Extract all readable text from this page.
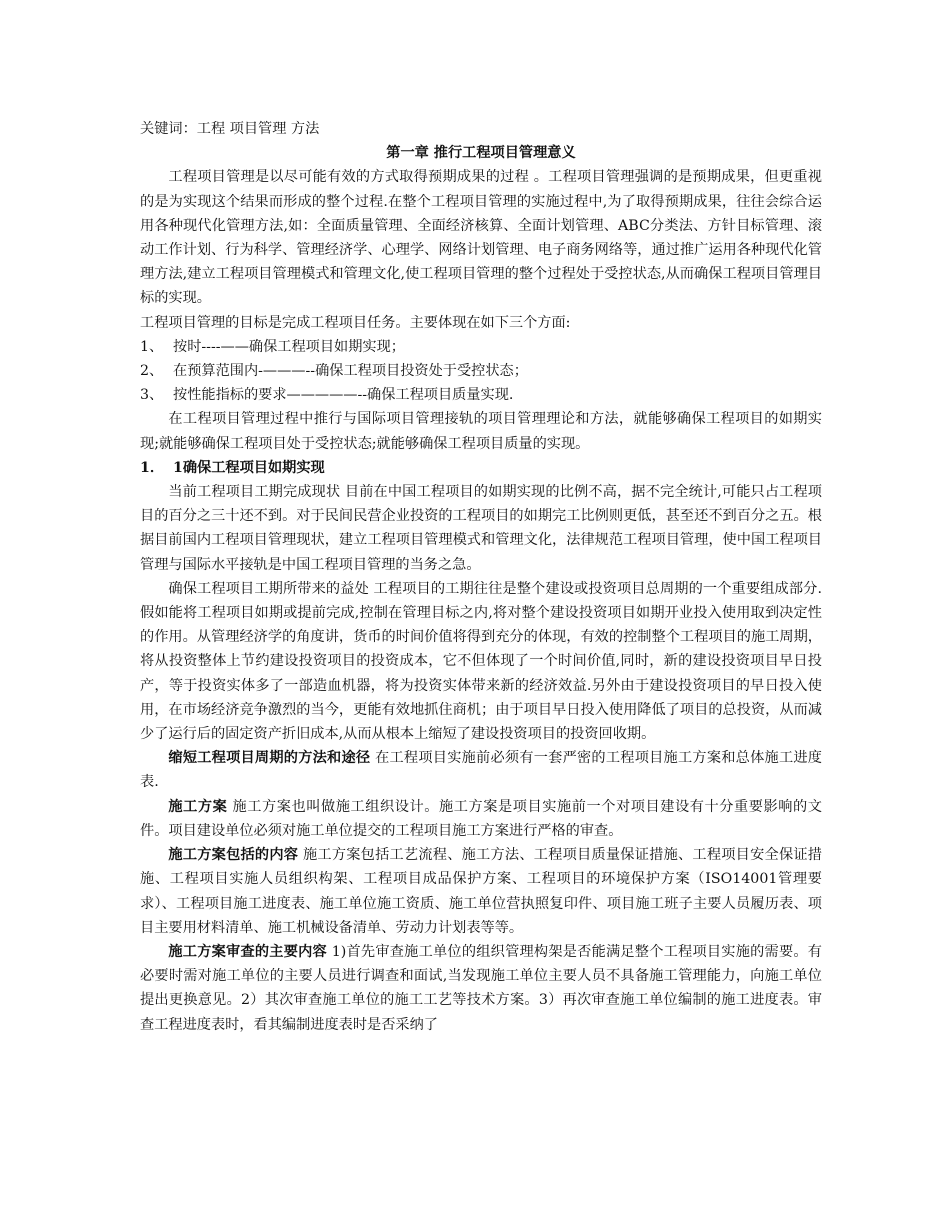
关键词：工程 项目管理 方法

第一章 推行工程项目管理意义

工程项目管理是以尽可能有效的方式取得预期成果的过程 。工程项目管理强调的是预期成果，但更重视的是为实现这个结果而形成的整个过程.在整个工程项目管理的实施过程中,为了取得预期成果，往往会综合运用各种现代化管理方法,如：全面质量管理、全面经济核算、全面计划管理、ABC分类法、方针目标管理、滚动工作计划、行为科学、管理经济学、心理学、网络计划管理、电子商务网络等，通过推广运用各种现代化管理方法,建立工程项目管理模式和管理文化,使工程项目管理的整个过程处于受控状态,从而确保工程项目管理目标的实现。

工程项目管理的目标是完成工程项目任务。主要体现在如下三个方面:

1、 按时----——确保工程项目如期实现；
2、 在预算范围内-———--确保工程项目投资处于受控状态；
3、 按性能指标的要求—————--确保工程项目质量实现.

在工程项目管理过程中推行与国际项目管理接轨的项目管理理论和方法，就能够确保工程项目的如期实现;就能够确保工程项目处于受控状态;就能够确保工程项目质量的实现。

1． 1确保工程项目如期实现

当前工程项目工期完成现状 目前在中国工程项目的如期实现的比例不高，据不完全统计,可能只占工程项目的百分之三十还不到。对于民间民营企业投资的工程项目的如期完工比例则更低，甚至还不到百分之五。根据目前国内工程项目管理现状，建立工程项目管理模式和管理文化，法律规范工程项目管理，使中国工程项目管理与国际水平接轨是中国工程项目管理的当务之急。

确保工程项目工期所带来的益处 工程项目的工期往往是整个建设或投资项目总周期的一个重要组成部分.假如能将工程项目如期或提前完成,控制在管理目标之内,将对整个建设投资项目如期开业投入使用取到决定性的作用。从管理经济学的角度讲，货币的时间价值将得到充分的体现，有效的控制整个工程项目的施工周期，将从投资整体上节约建设投资项目的投资成本，它不但体现了一个时间价值,同时，新的建设投资项目早日投产，等于投资实体多了一部造血机器，将为投资实体带来新的经济效益.另外由于建设投资项目的早日投入使用，在市场经济竞争激烈的当今，更能有效地抓住商机；由于项目早日投入使用降低了项目的总投资，从而减少了运行后的固定资产折旧成本,从而从根本上缩短了建设投资项目的投资回收期。

缩短工程项目周期的方法和途径 在工程项目实施前必须有一套严密的工程项目施工方案和总体施工进度表.

施工方案 施工方案也叫做施工组织设计。施工方案是项目实施前一个对项目建设有十分重要影响的文件。项目建设单位必须对施工单位提交的工程项目施工方案进行严格的审查。

施工方案包括的内容 施工方案包括工艺流程、施工方法、工程项目质量保证措施、工程项目安全保证措施、工程项目实施人员组织构架、工程项目成品保护方案、工程项目的环境保护方案（ISO14001管理要求）、工程项目施工进度表、施工单位施工资质、施工单位营执照复印件、项目施工班子主要人员履历表、项目主要用材料清单、施工机械设备清单、劳动力计划表等等。

施工方案审查的主要内容 1)首先审查施工单位的组织管理构架是否能满足整个工程项目实施的需要。有必要时需对施工单位的主要人员进行调查和面试,当发现施工单位主要人员不具备施工管理能力，向施工单位提出更换意见。2）其次审查施工单位的施工工艺等技术方案。3）再次审查施工单位编制的施工进度表。审查工程进度表时，看其编制进度表时是否采纳了
